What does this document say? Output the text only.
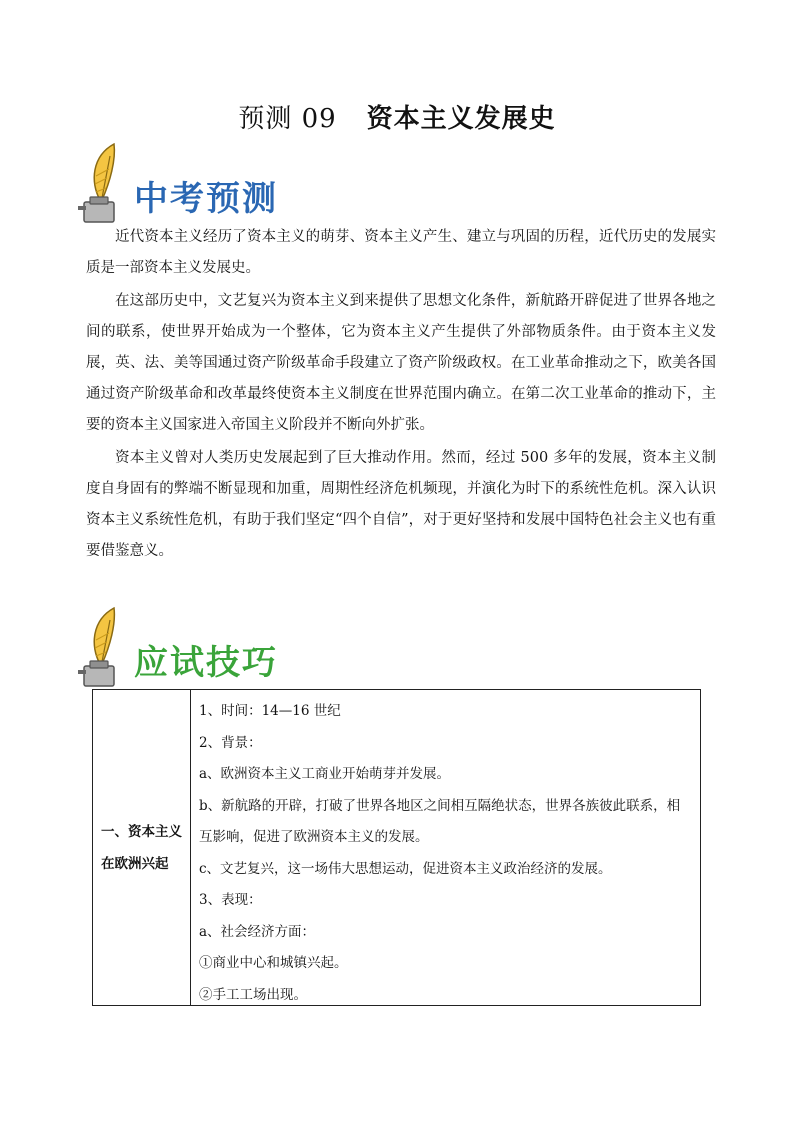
预测 09 资本主义发展史
中考预测

近代资本主义经历了资本主义的萌芽、资本主义产生、建立与巩固的历程，近代历史的发展实质是一部资本主义发展史。

在这部历史中，文艺复兴为资本主义到来提供了思想文化条件，新航路开辟促进了世界各地之间的联系，使世界开始成为一个整体，它为资本主义产生提供了外部物质条件。由于资本主义发展，英、法、美等国通过资产阶级革命手段建立了资产阶级政权。在工业革命推动之下，欧美各国通过资产阶级革命和改革最终使资本主义制度在世界范围内确立。在第二次工业革命的推动下，主要的资本主义国家进入帝国主义阶段并不断向外扩张。

资本主义曾对人类历史发展起到了巨大推动作用。然而，经过 500 多年的发展，资本主义制度自身固有的弊端不断显现和加重，周期性经济危机频现，并演化为时下的系统性危机。深入认识资本主义系统性危机，有助于我们坚定“四个自信”，对于更好坚持和发展中国特色社会主义也有重要借鉴意义。

应试技巧
一、资本主义
在欧洲兴起
1、时间：14—16 世纪
2、背景：
a、欧洲资本主义工商业开始萌芽并发展。
b、新航路的开辟，打破了世界各地区之间相互隔绝状态，世界各族彼此联系，相互影响，促进了欧洲资本主义的发展。
c、文艺复兴，这一场伟大思想运动，促进资本主义政治经济的发展。
3、表现：
a、社会经济方面：
①商业中心和城镇兴起。
②手工工场出现。
